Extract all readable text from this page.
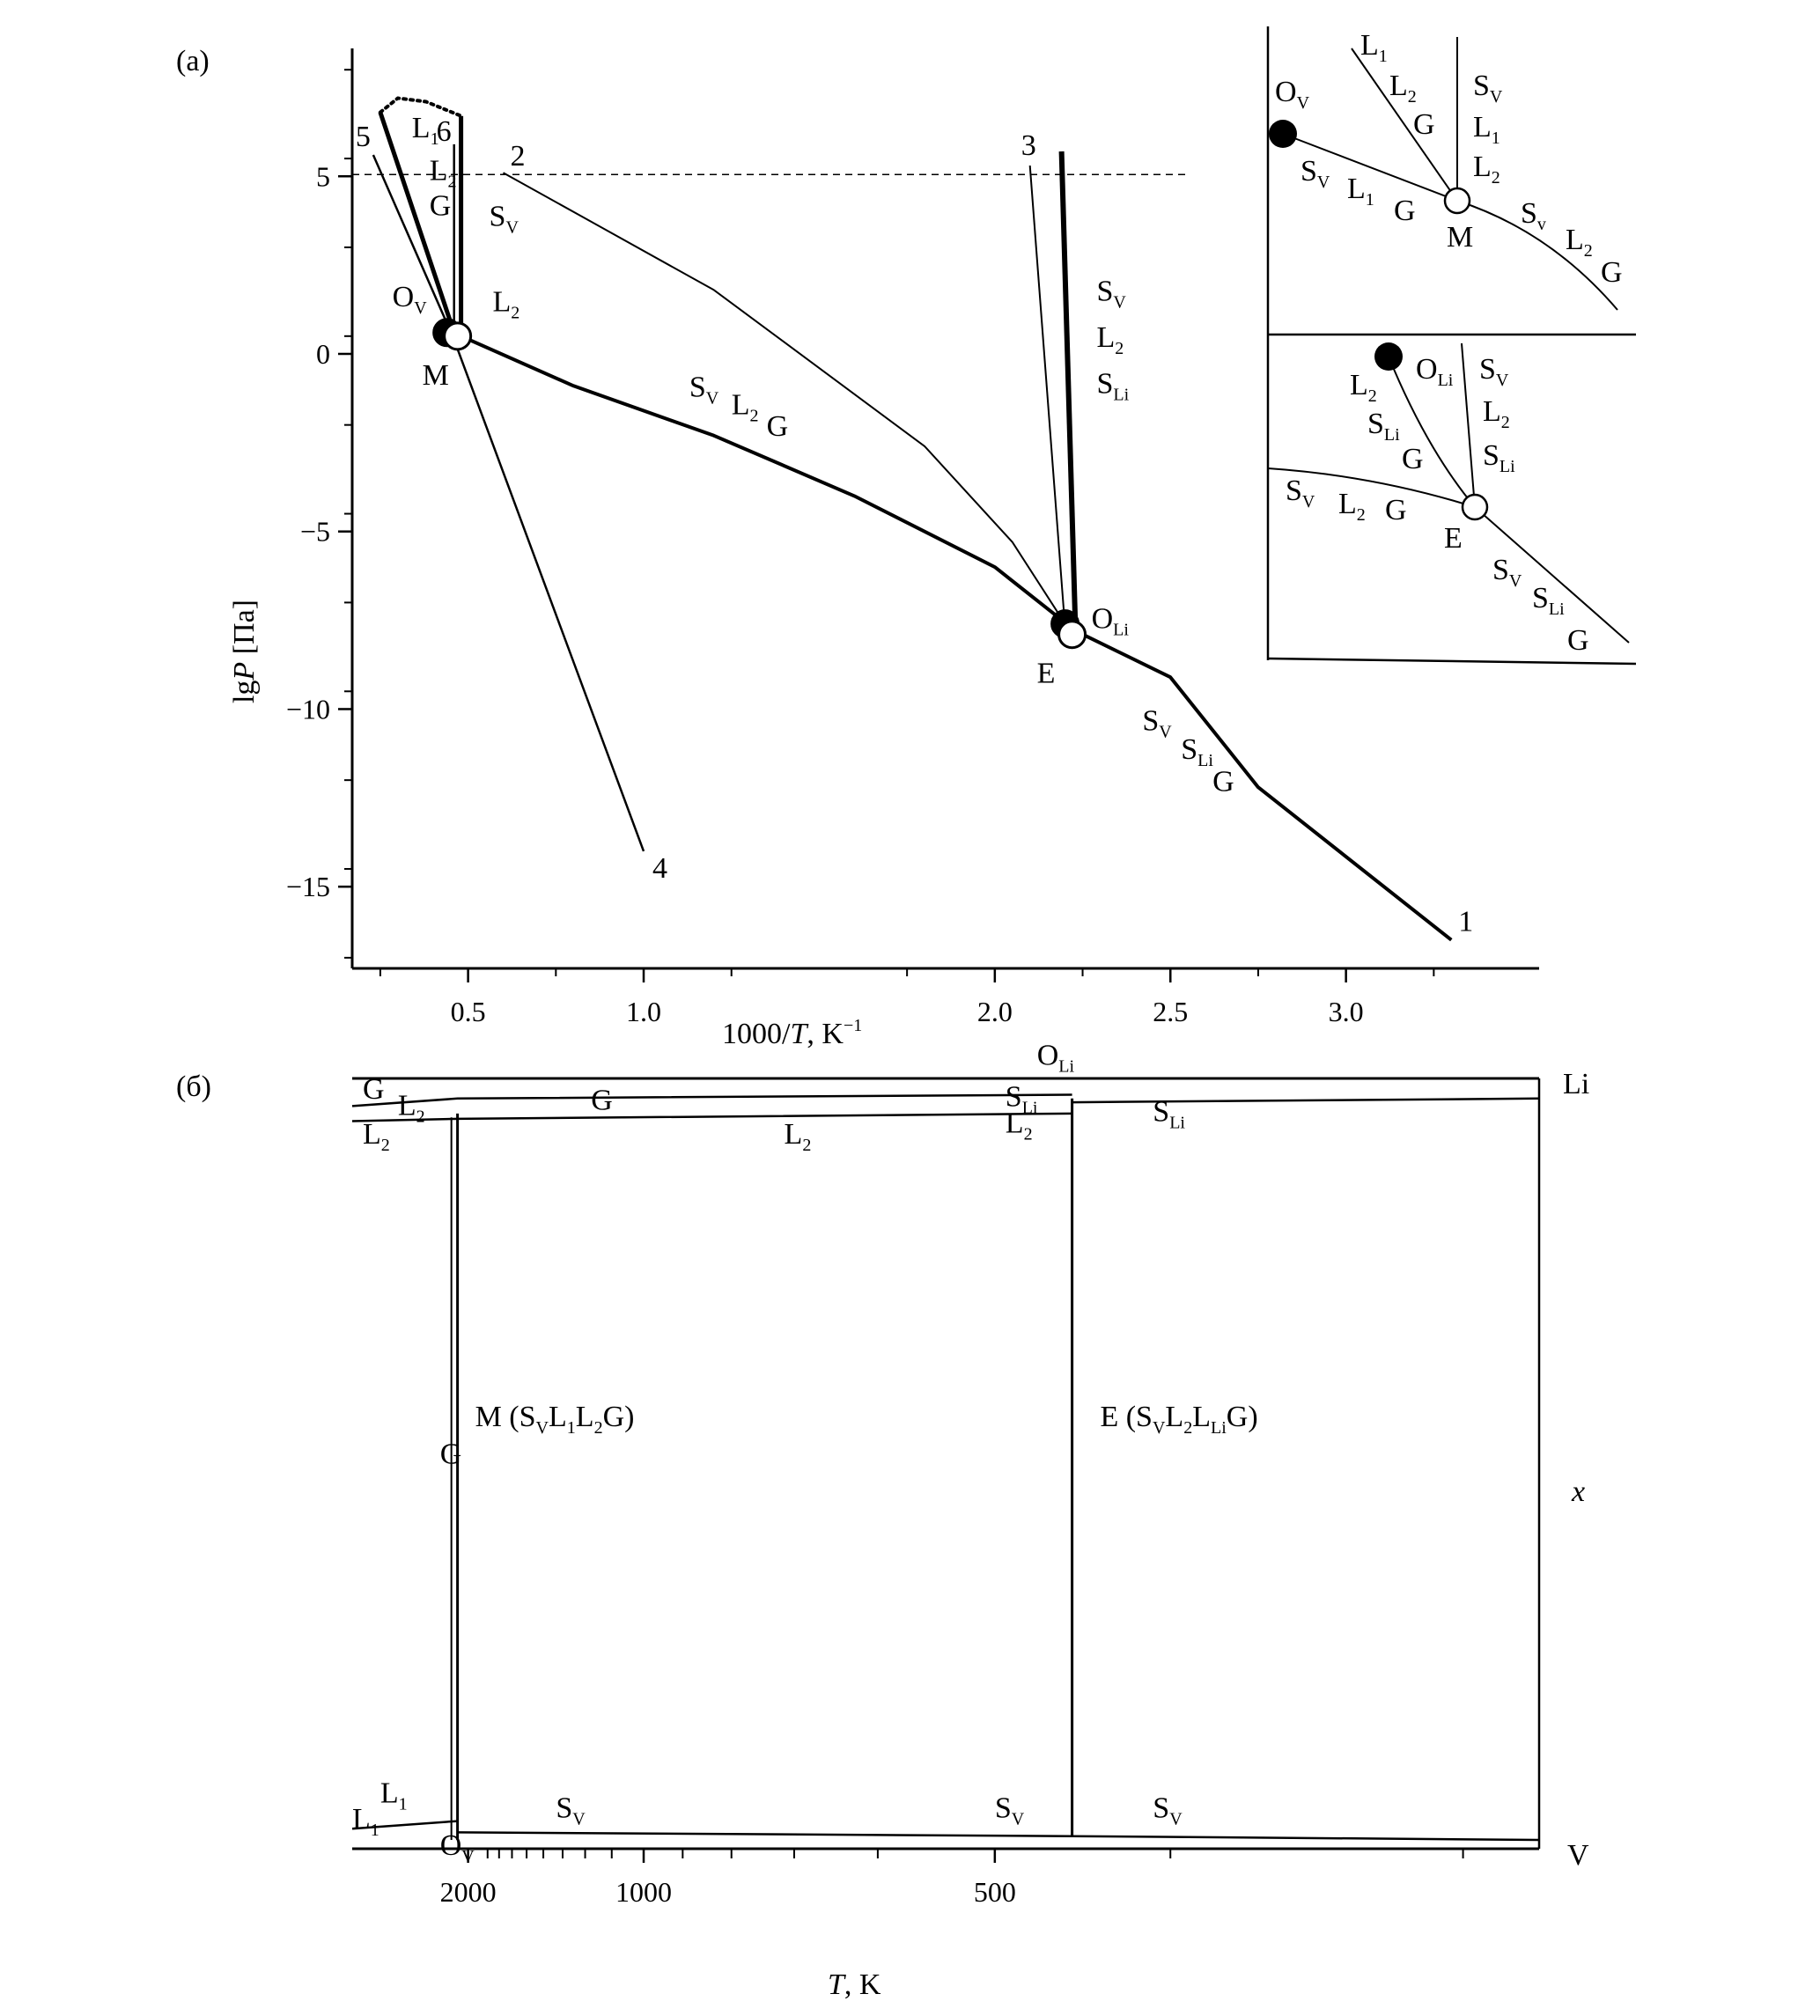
(a)
0.5	1.0	2.0	2.5	3.0
5
0
−5
−10
−15
1
2	3
4
5 6
$O_V$
M
$O_{Li}$
E
$S_V$
$L_2$
G
$L_1$
$L_2$
$S_V$ $L_2$ G
$S_V$
$L_2$
$S_{Li}$
$S_V$
$S_{Li}$
G
1000/T, $K^{-1}$
lgP [Па]
$O_V$
M
$L_1$
$L_2$
G
$S_V$
$L_1$
$L_2$
$S_V$ $L_1$ G	$S_v$ $L_2$
G
$O_{Li}$
E
$L_2$
$S_{Li}$
G
$S_V$
$L_2$
$S_{Li}$
$S_V$ $L_2$ G
$S_V$
$S_{Li}$
G
(б)
2000	1000	500
G
$L_2$
$L_2$
G
$L_2$
$O_{Li}$
$S_{Li}$
$L_2$
$S_{Li}$
G
$L_1$
$L_1$ $O_V$
$S_V$	$S_V$	$S_V$
M $(S_VL_1L_2G)$	E $(S_VL_2L_{Li}G)$
T, K
Li
V
x
